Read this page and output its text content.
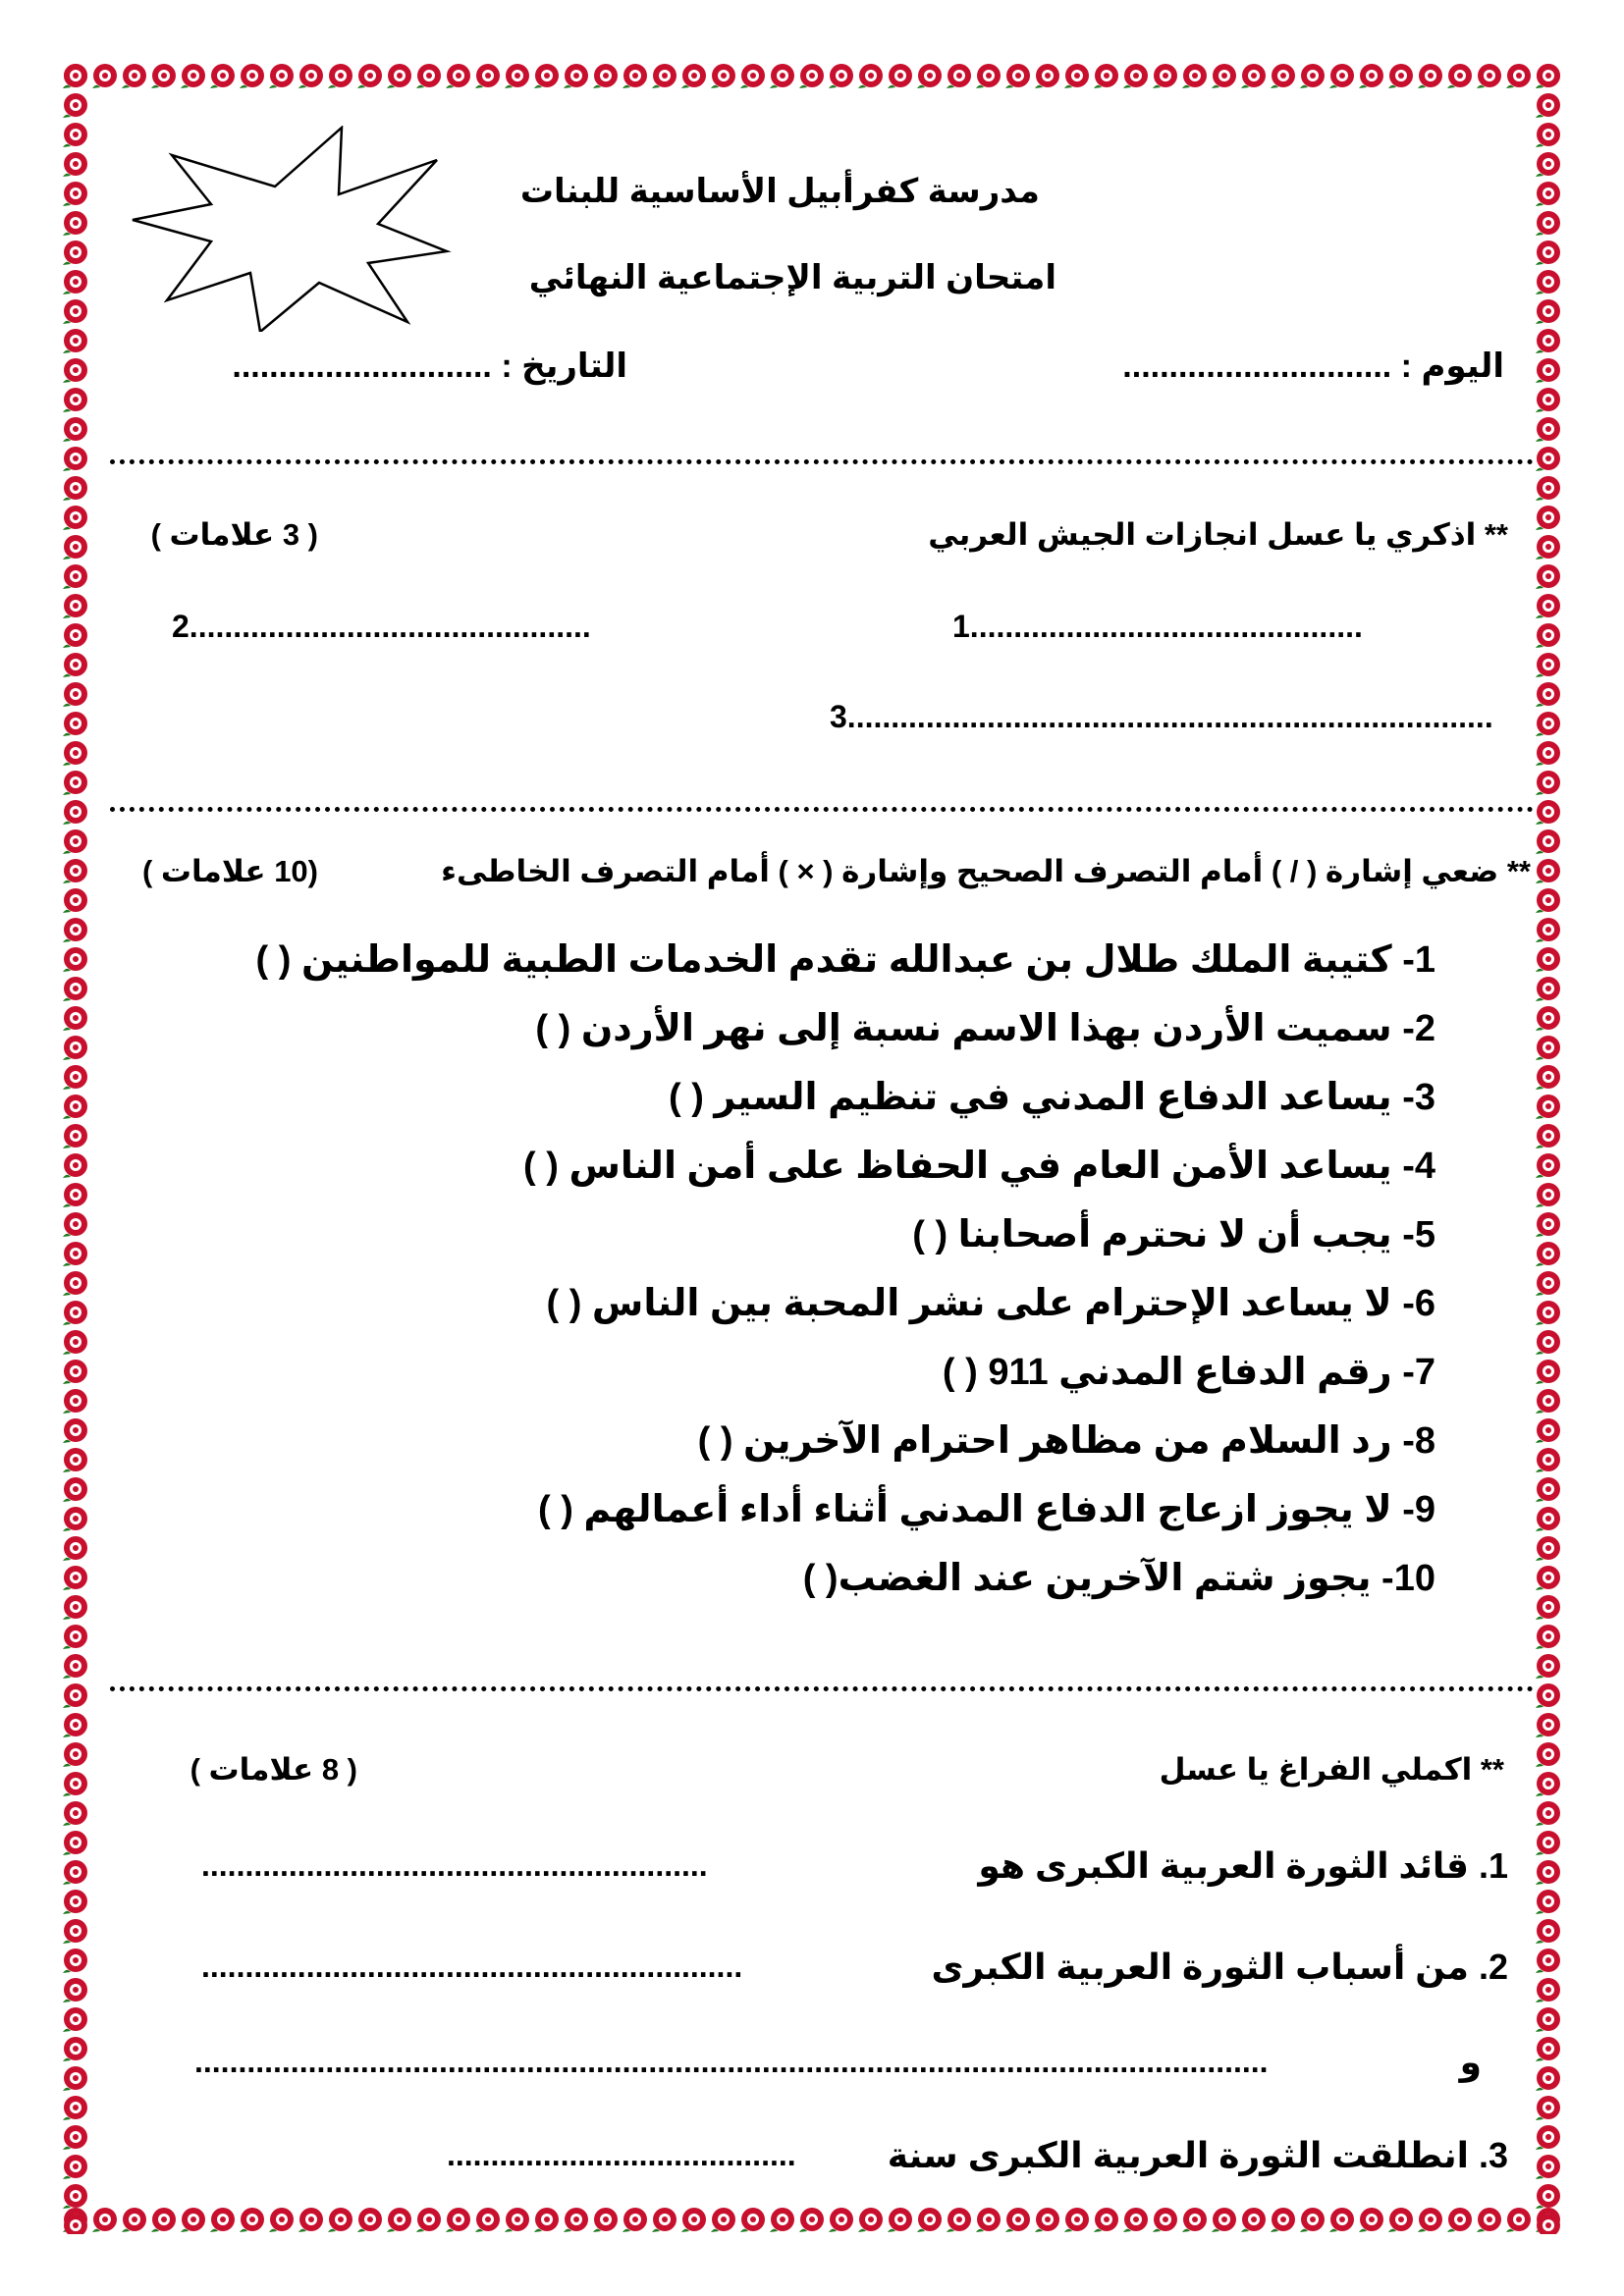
مدرسة كفرأبيل الأساسية للبنات
امتحان التربية الإجتماعية النهائي
اليوم : .............................
التاريخ : ............................
** اذكري يا عسل انجازات الجيش العربي
( 3 علامات )
1.............................................
2..............................................
3..........................................................................
** ضعي إشارة ( / ) أمام التصرف الصحيح وإشارة ( × ) أمام التصرف الخاطىء
(10 علامات )
1- كتيبة الملك طلال بن عبدالله تقدم الخدمات الطبية للمواطنين ( )
2- سميت الأردن بهذا الاسم نسبة إلى نهر الأردن ( )
3- يساعد الدفاع المدني في تنظيم السير ( )
4- يساعد الأمن العام في الحفاظ على أمن الناس ( )
5- يجب أن لا نحترم أصحابنا ( )
6- لا يساعد الإحترام على نشر المحبة بين الناس ( )
7- رقم الدفاع المدني 911 ( )
8- رد السلام من مظاهر احترام الآخرين ( )
9- لا يجوز ازعاج الدفاع المدني أثناء أداء أعمالهم ( )
10- يجوز شتم الآخرين عند الغضب( )
** اكملي الفراغ يا عسل
( 8 علامات )
1. قائد الثورة العربية الكبرى هو
..........................................................
2. من أسباب الثورة العربية الكبرى
..............................................................
و
...........................................................................................................................
3. انطلقت الثورة العربية الكبرى سنة
........................................
